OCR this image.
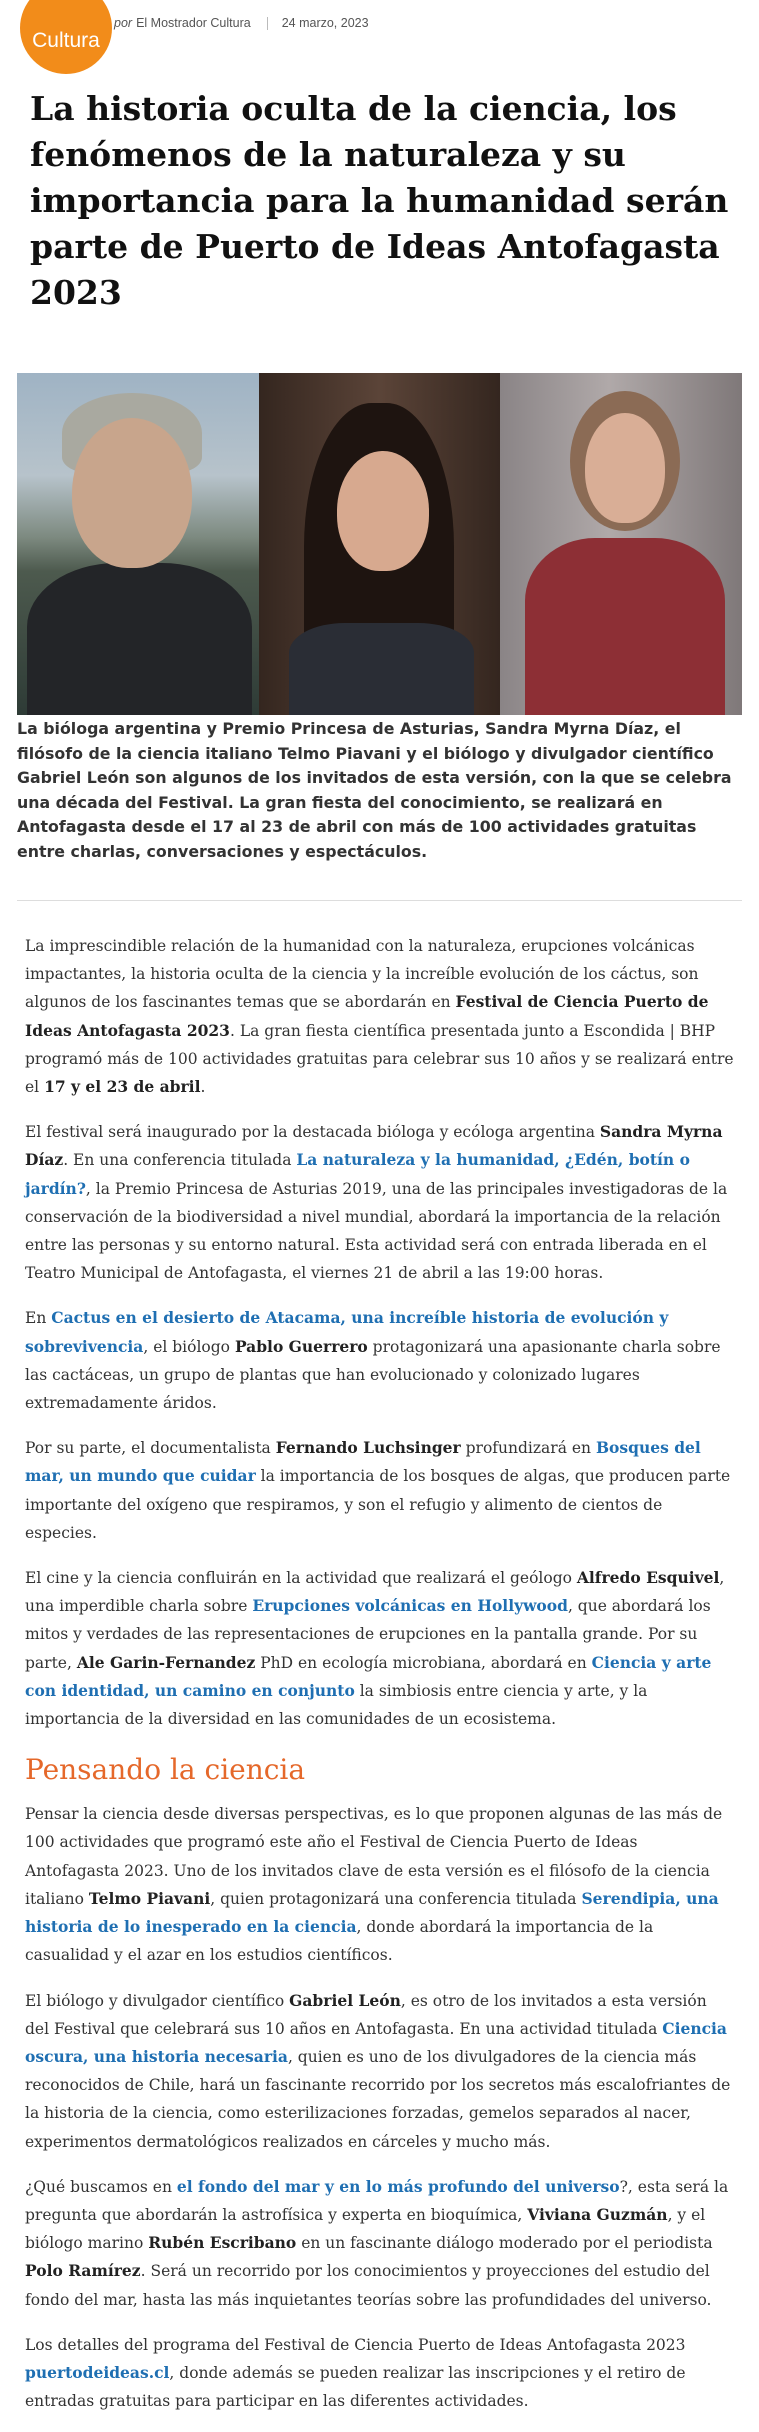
Cultura
por El Mostrador Cultura 24 marzo, 2023
La historia oculta de la ciencia, los fenómenos de la naturaleza y su importancia para la humanidad serán parte de Puerto de Ideas Antofagasta 2023

La bióloga argentina y Premio Princesa de Asturias, Sandra Myrna Díaz, el filósofo de la ciencia italiano Telmo Piavani y el biólogo y divulgador científico Gabriel León son algunos de los invitados de esta versión, con la que se celebra una década del Festival. La gran fiesta del conocimiento, se realizará en Antofagasta desde el 17 al 23 de abril con más de 100 actividades gratuitas entre charlas, conversaciones y espectáculos.

La imprescindible relación de la humanidad con la naturaleza, erupciones volcánicas impactantes, la historia oculta de la ciencia y la increíble evolución de los cáctus, son algunos de los fascinantes temas que se abordarán en Festival de Ciencia Puerto de Ideas Antofagasta 2023. La gran fiesta científica presentada junto a Escondida | BHP programó más de 100 actividades gratuitas para celebrar sus 10 años y se realizará entre el 17 y el 23 de abril.

El festival será inaugurado por la destacada bióloga y ecóloga argentina Sandra Myrna Díaz. En una conferencia titulada La naturaleza y la humanidad, ¿Edén, botín o jardín?, la Premio Princesa de Asturias 2019, una de las principales investigadoras de la conservación de la biodiversidad a nivel mundial, abordará la importancia de la relación entre las personas y su entorno natural. Esta actividad será con entrada liberada en el Teatro Municipal de Antofagasta, el viernes 21 de abril a las 19:00 horas.

En Cactus en el desierto de Atacama, una increíble historia de evolución y sobrevivencia, el biólogo Pablo Guerrero protagonizará una apasionante charla sobre las cactáceas, un grupo de plantas que han evolucionado y colonizado lugares extremadamente áridos.

Por su parte, el documentalista Fernando Luchsinger profundizará en Bosques del mar, un mundo que cuidar la importancia de los bosques de algas, que producen parte importante del oxígeno que respiramos, y son el refugio y alimento de cientos de especies.

El cine y la ciencia confluirán en la actividad que realizará el geólogo Alfredo Esquivel, una imperdible charla sobre Erupciones volcánicas en Hollywood, que abordará los mitos y verdades de las representaciones de erupciones en la pantalla grande. Por su parte, Ale Garin-Fernandez PhD en ecología microbiana, abordará en Ciencia y arte con identidad, un camino en conjunto la simbiosis entre ciencia y arte, y la importancia de la diversidad en las comunidades de un ecosistema.

Pensando la ciencia

Pensar la ciencia desde diversas perspectivas, es lo que proponen algunas de las más de 100 actividades que programó este año el Festival de Ciencia Puerto de Ideas Antofagasta 2023. Uno de los invitados clave de esta versión es el filósofo de la ciencia italiano Telmo Piavani, quien protagonizará una conferencia titulada Serendipia, una historia de lo inesperado en la ciencia, donde abordará la importancia de la casualidad y el azar en los estudios científicos.

El biólogo y divulgador científico Gabriel León, es otro de los invitados a esta versión del Festival que celebrará sus 10 años en Antofagasta. En una actividad titulada Ciencia oscura, una historia necesaria, quien es uno de los divulgadores de la ciencia más reconocidos de Chile, hará un fascinante recorrido por los secretos más escalofriantes de la historia de la ciencia, como esterilizaciones forzadas, gemelos separados al nacer, experimentos dermatológicos realizados en cárceles y mucho más.

¿Qué buscamos en el fondo del mar y en lo más profundo del universo?, esta será la pregunta que abordarán la astrofísica y experta en bioquímica, Viviana Guzmán, y el biólogo marino Rubén Escribano en un fascinante diálogo moderado por el periodista Polo Ramírez. Será un recorrido por los conocimientos y proyecciones del estudio del fondo del mar, hasta las más inquietantes teorías sobre las profundidades del universo.

Los detalles del programa del Festival de Ciencia Puerto de Ideas Antofagasta 2023 puertodeideas.cl, donde además se pueden realizar las inscripciones y el retiro de entradas gratuitas para participar en las diferentes actividades.
